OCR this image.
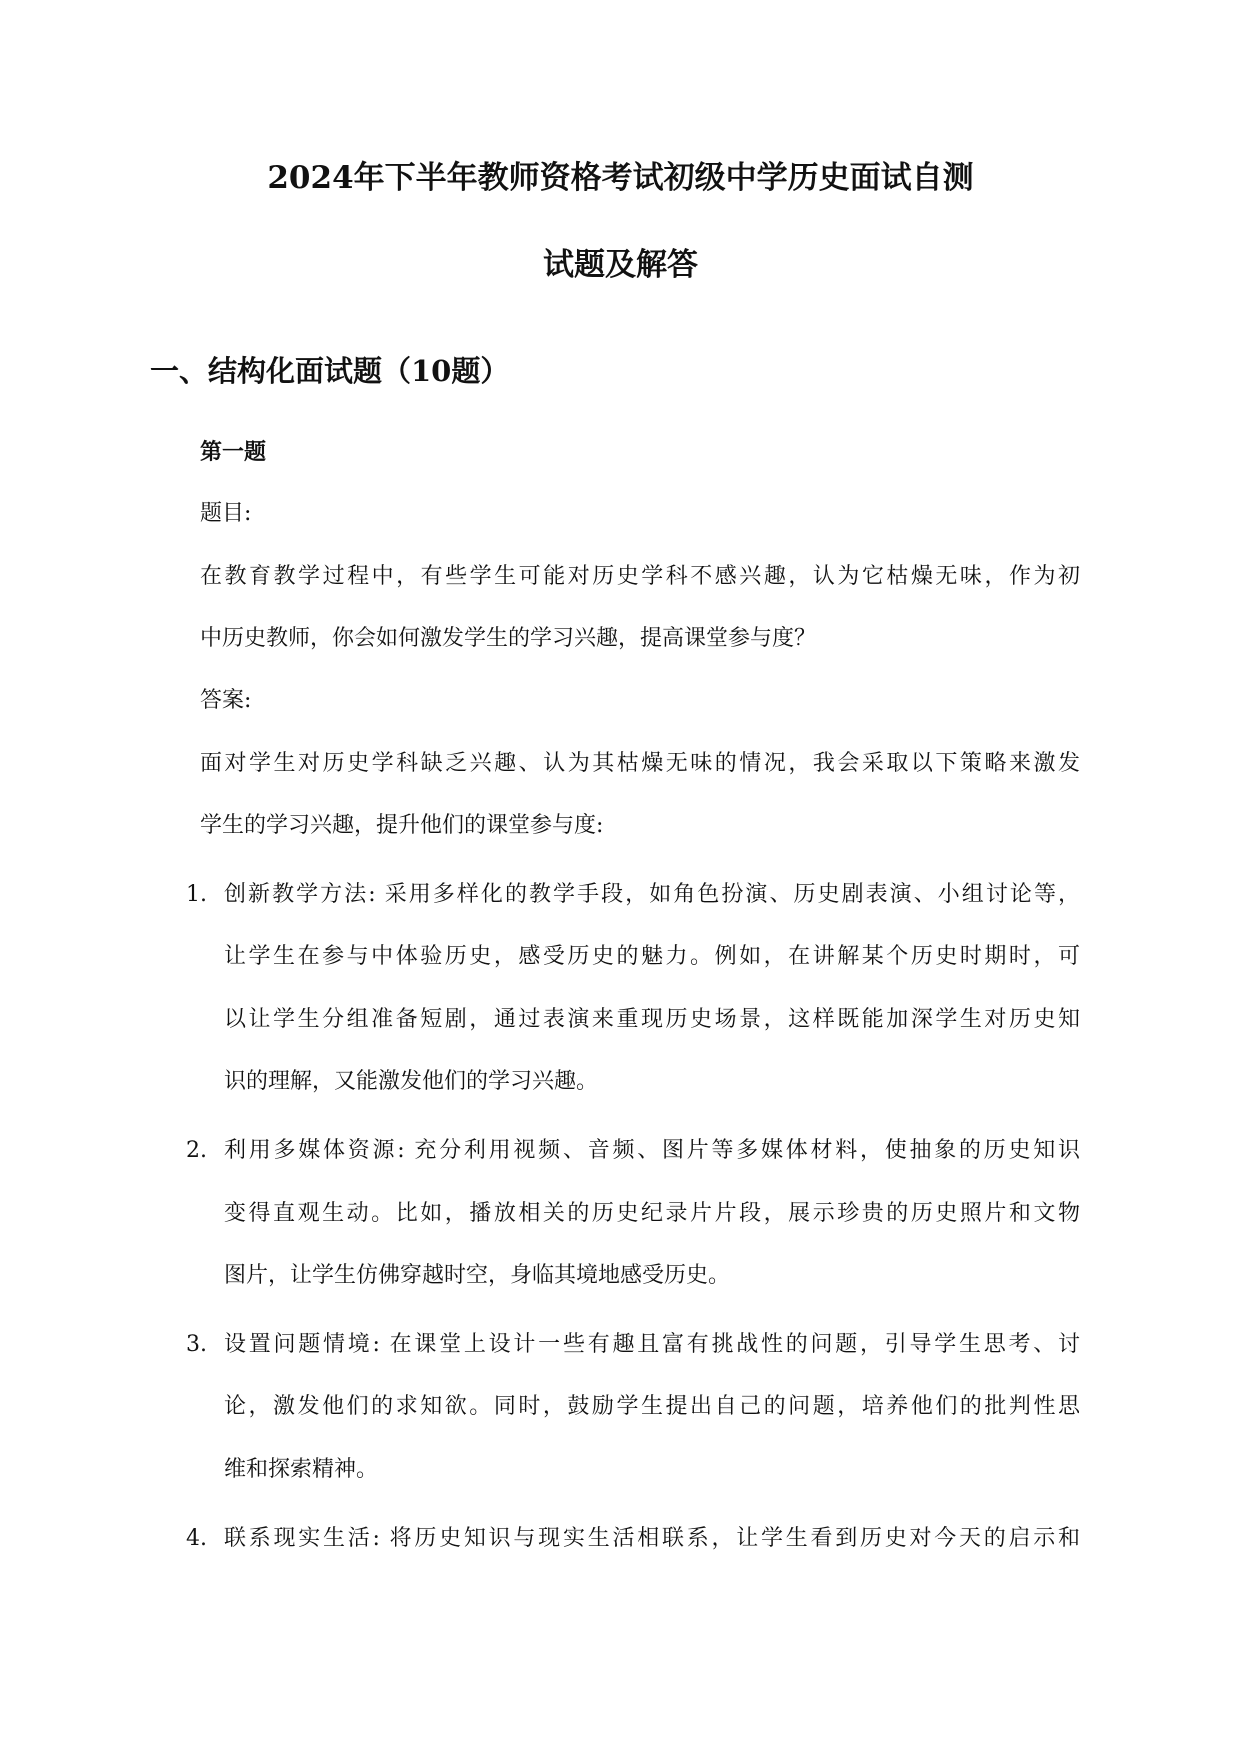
2024年下半年教师资格考试初级中学历史面试自测
试题及解答
一、结构化面试题（10题）
第一题
题目:
在教育教学过程中，有些学生可能对历史学科不感兴趣，认为它枯燥无味，作为初
中历史教师，你会如何激发学生的学习兴趣，提高课堂参与度？
答案:
面对学生对历史学科缺乏兴趣、认为其枯燥无味的情况，我会采取以下策略来激发
学生的学习兴趣，提升他们的课堂参与度:
1. 创新教学方法: 采用多样化的教学手段，如角色扮演、历史剧表演、小组讨论等，
让学生在参与中体验历史，感受历史的魅力。例如，在讲解某个历史时期时，可
以让学生分组准备短剧，通过表演来重现历史场景，这样既能加深学生对历史知
识的理解，又能激发他们的学习兴趣。
2. 利用多媒体资源: 充分利用视频、音频、图片等多媒体材料，使抽象的历史知识
变得直观生动。比如，播放相关的历史纪录片片段，展示珍贵的历史照片和文物
图片，让学生仿佛穿越时空，身临其境地感受历史。
3. 设置问题情境: 在课堂上设计一些有趣且富有挑战性的问题，引导学生思考、讨
论，激发他们的求知欲。同时，鼓励学生提出自己的问题，培养他们的批判性思
维和探索精神。
4. 联系现实生活: 将历史知识与现实生活相联系，让学生看到历史对今天的启示和
